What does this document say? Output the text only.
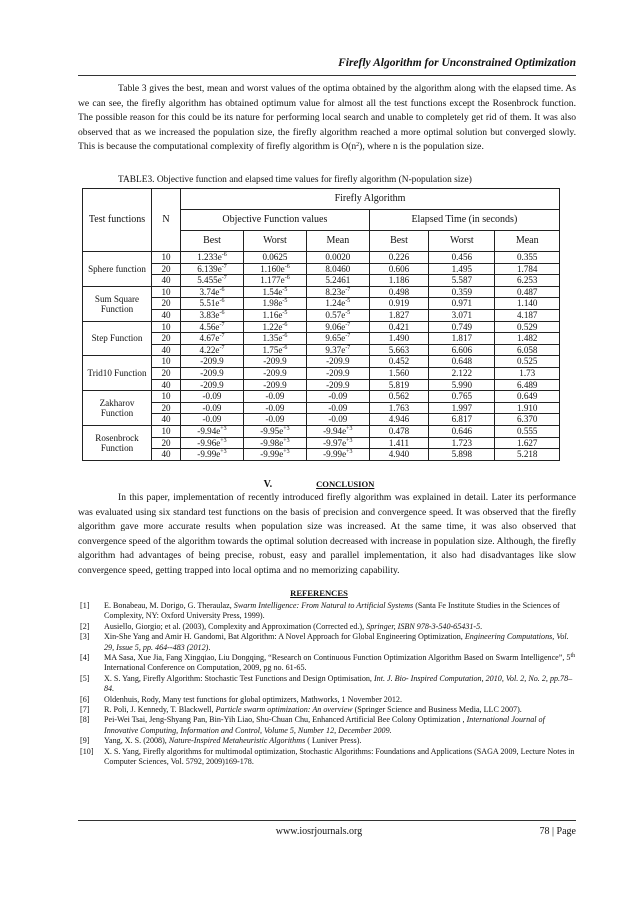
Firefly Algorithm for Unconstrained Optimization

Table 3 gives the best, mean and worst values of the optima obtained by the algorithm along with the elapsed time. As we can see, the firefly algorithm has obtained optimum value for almost all the test functions except the Rosenbrock function. The possible reason for this could be its nature for performing local search and unable to completely get rid of them. It was also observed that as we increased the population size, the firefly algorithm reached a more optimal solution but converged slowly. This is because the computational complexity of firefly algorithm is $O(n^2)$, where n is the population size.

TABLE3. Objective function and elapsed time values for firefly algorithm (N-population size)
Test functions	N	Firefly Algorithm					
		Objective Function values			Elapsed Time (in seconds)		
		Best	Worst	Mean	Best	Worst	Mean
Sphere function	10	$1.233e^{-6}$	0.0625	0.0020	0.226	0.456	0.355
	20	$6.139e^{-7}$	$1.160e^{-6}$	8.0460	0.606	1.495	1.784
	40	$5.455e^{-7}$	$1.177e^{-6}$	5.2461	1.186	5.587	6.253
Sum Square Function	10	$3.74e^{-6}$	$1.54e^{-5}$	$8.23e^{-7}$	0.498	0.359	0.487
	20	$5.51e^{-6}$	$1.98e^{-5}$	$1.24e^{-5}$	0.919	0.971	1.140
	40	$3.83e^{-6}$	$1.16e^{-5}$	$0.57e^{-5}$	1.827	3.071	4.187
Step Function	10	$4.56e^{-7}$	$1.22e^{-6}$	$9.06e^{-7}$	0.421	0.749	0.529
	20	$4.67e^{-7}$	$1.35e^{-6}$	$9.65e^{-7}$	1.490	1.817	1.482
	40	$4.22e^{-7}$	$1.75e^{-6}$	$9.37e^{-7}$	5.663	6.606	6.058
Trid10 Function	10	-209.9	-209.9	-209.9	0.452	0.648	0.525
	20	-209.9	-209.9	-209.9	1.560	2.122	1.73
	40	-209.9	-209.9	-209.9	5.819	5.990	6.489
Zakharov Function	10	-0.09	-0.09	-0.09	0.562	0.765	0.649
	20	-0.09	-0.09	-0.09	1.763	1.997	1.910
	40	-0.09	-0.09	-0.09	4.946	6.817	6.370
Rosenbrock Function	10	$-9.94e^{+3}$	$-9.95e^{+3}$	$-9.94e^{+3}$	0.478	0.646	0.555
	20	$-9.96e^{+3}$	$-9.98e^{+3}$	$-9.97e^{+3}$	1.411	1.723	1.627
	40	$-9.99e^{+3}$	$-9.99e^{+3}$	$-9.99e^{+3}$	4.940	5.898	5.218
V.	CONCLUSION

In this paper, implementation of recently introduced firefly algorithm was explained in detail. Later its performance was evaluated using six standard test functions on the basis of precision and convergence speed. It was observed that the firefly algorithm gave more accurate results when population size was increased. At the same time, it was also observed that convergence speed of the algorithm towards the optimal solution decreased with increase in population size. Although, the firefly algorithm had advantages of being precise, robust, easy and parallel implementation, it also had disadvantages like slow convergence speed, getting trapped into local optima and no memorizing capability.

REFERENCES
[1] E. Bonabeau, M. Dorigo, G. Theraulaz, Swarm Intelligence: From Natural to Artificial Systems (Santa Fe Institute Studies in the Sciences of Complexity, NY: Oxford University Press, 1999).
[2] Ausiello, Giorgio; et al. (2003), Complexity and Approximation (Corrected ed.), Springer, ISBN 978-3-540-65431-5.
[3] Xin-She Yang and Amir H. Gandomi, Bat Algorithm: A Novel Approach for Global Engineering Optimization, Engineering Computations, Vol. 29, Issue 5, pp. 464--483 (2012).
[4] MA Sasa, Xue Jia, Fang Xingqiao, Liu Dongqing, “Research on Continuous Function Optimization Algorithm Based on Swarm Intelligence”, 5th International Conference on Computation, 2009, pg no. 61-65.
[5] X. S. Yang, Firefly Algorithm: Stochastic Test Functions and Design Optimisation, Int. J. Bio- Inspired Computation, 2010, Vol. 2, No. 2, pp.78–84.
[6] Oldenhuis, Rody, Many test functions for global optimizers, Mathworks, 1 November 2012.
[7] R. Poli, J. Kennedy, T. Blackwell, Particle swarm optimization: An overview (Springer Science and Business Media, LLC 2007).
[8] Pei-Wei Tsai, Jeng-Shyang Pan, Bin-Yih Liao, Shu-Chuan Chu, Enhanced Artificial Bee Colony Optimization , International Journal of Innovative Computing, Information and Control, Volume 5, Number 12, December 2009.
[9] Yang, X. S. (2008), Nature-Inspired Metaheuristic Algorithms ( Luniver Press).
[10] X. S. Yang, Firefly algorithms for multimodal optimization, Stochastic Algorithms: Foundations and Applications (SAGA 2009, Lecture Notes in Computer Sciences, Vol. 5792, 2009)169-178.
www.iosrjournals.org	78 | Page
